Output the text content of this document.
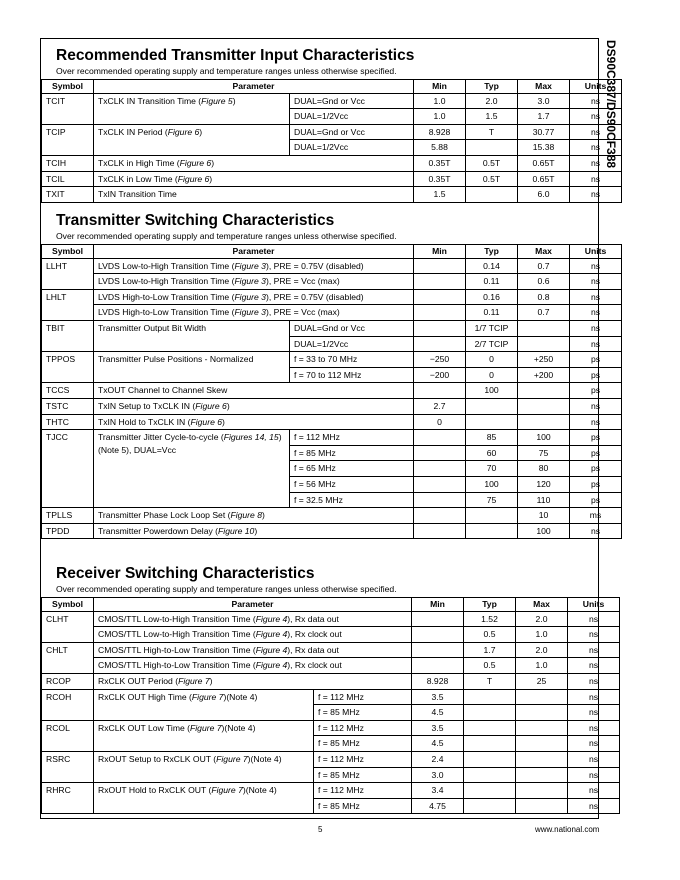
DS90C387/DS90CF388
Recommended Transmitter Input Characteristics

Over recommended operating supply and temperature ranges unless otherwise specified.

Symbol	Parameter		Min	Typ	Max	Units
TCIT	TxCLK IN Transition Time (Figure 5)	DUAL=Gnd or Vcc	1.0	2.0	3.0	ns
		DUAL=1/2Vcc	1.0	1.5	1.7	ns
TCIP	TxCLK IN Period (Figure 6)	DUAL=Gnd or Vcc	8.928	T	30.77	ns
		DUAL=1/2Vcc	5.88		15.38	ns
TCIH	TxCLK in High Time (Figure 6)		0.35T	0.5T	0.65T	ns
TCIL	TxCLK in Low Time (Figure 6)		0.35T	0.5T	0.65T	ns
TXIT	TxIN Transition Time		1.5		6.0	ns
Transmitter Switching Characteristics

Over recommended operating supply and temperature ranges unless otherwise specified.

Symbol	Parameter		Min	Typ	Max	Units
LLHT	LVDS Low-to-High Transition Time (Figure 3), PRE = 0.75V (disabled)			0.14	0.7	ns
	LVDS Low-to-High Transition Time (Figure 3), PRE = Vcc (max)			0.11	0.6	ns
LHLT	LVDS High-to-Low Transition Time (Figure 3), PRE = 0.75V (disabled)			0.16	0.8	ns
	LVDS High-to-Low Transition Time (Figure 3), PRE = Vcc (max)			0.11	0.7	ns
TBIT	Transmitter Output Bit Width	DUAL=Gnd or Vcc		1/7 TCIP		ns
		DUAL=1/2Vcc		2/7 TCIP		ns
TPPOS	Transmitter Pulse Positions - Normalized	f = 33 to 70 MHz	−250	0	+250	ps
		f = 70 to 112 MHz	−200	0	+200	ps
TCCS	TxOUT Channel to Channel Skew			100		ps
TSTC	TxIN Setup to TxCLK IN (Figure 6)		2.7			ns
THTC	TxIN Hold to TxCLK IN (Figure 6)		0			ns
TJCC	Transmitter Jitter Cycle-to-cycle (Figures 14, 15) (Note 5), DUAL=Vcc	f = 112 MHz		85	100	ps
		f = 85 MHz		60	75	ps
		f = 65 MHz		70	80	ps
		f = 56 MHz		100	120	ps
		f = 32.5 MHz		75	110	ps
TPLLS	Transmitter Phase Lock Loop Set (Figure 8)				10	ms
TPDD	Transmitter Powerdown Delay (Figure 10)				100	ns
Receiver Switching Characteristics

Over recommended operating supply and temperature ranges unless otherwise specified.

Symbol	Parameter		Min	Typ	Max	Units
CLHT	CMOS/TTL Low-to-High Transition Time (Figure 4), Rx data out			1.52	2.0	ns
	CMOS/TTL Low-to-High Transition Time (Figure 4), Rx clock out			0.5	1.0	ns
CHLT	CMOS/TTL High-to-Low Transition Time (Figure 4), Rx data out			1.7	2.0	ns
	CMOS/TTL High-to-Low Transition Time (Figure 4), Rx clock out			0.5	1.0	ns
RCOP	RxCLK OUT Period (Figure 7)		8.928	T	25	ns
RCOH	RxCLK OUT High Time (Figure 7)(Note 4)	f = 112 MHz	3.5			ns
		f = 85 MHz	4.5			ns
RCOL	RxCLK OUT Low Time (Figure 7)(Note 4)	f = 112 MHz	3.5			ns
		f = 85 MHz	4.5			ns
RSRC	RxOUT Setup to RxCLK OUT (Figure 7)(Note 4)	f = 112 MHz	2.4			ns
		f = 85 MHz	3.0			ns
RHRC	RxOUT Hold to RxCLK OUT (Figure 7)(Note 4)	f = 112 MHz	3.4			ns
		f = 85 MHz	4.75			ns
5	www.national.com
